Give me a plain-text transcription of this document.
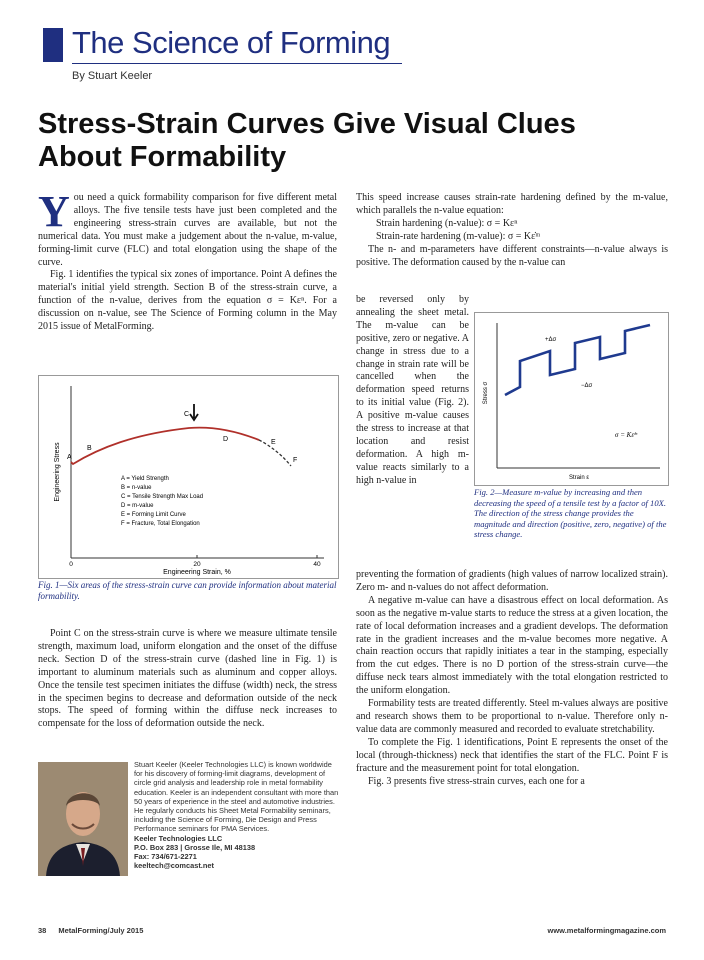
The Science of Forming
By Stuart Keeler
Stress-Strain Curves Give Visual Clues About Formability

You need a quick formability comparison for five different metal alloys. The five tensile tests have just been completed and the engineering stress-strain curves are available, but not the numerical data. You must make a judgement about the n-value, m-value, forming-limit curve (FLC) and total elongation using the shape of the curve.

Fig. 1 identifies the typical six zones of importance. Point A defines the material's initial yield strength. Section B of the stress-strain curve, a function of the n-value, derives from the equation σ = Kεⁿ. For a discussion on n-value, see The Science of Forming column in the May 2015 issue of MetalForming.

Engineering Stress
Engineering Strain, %
0	20	40
A
B
C
D	E
F
A = Yield Strength
B = n-value
C = Tensile Strength Max Load
D = m-value
E = Forming Limit Curve
F = Fracture, Total Elongation
Fig. 1—Six areas of the stress-strain curve can provide information about material formability.

Point C on the stress-strain curve is where we measure ultimate tensile strength, maximum load, uniform elongation and the onset of the diffuse neck. Section D of the stress-strain curve (dashed line in Fig. 1) is important to aluminum materials such as aluminum and copper alloys. Once the tensile test specimen initiates the diffuse (width) neck, the stress in the specimen begins to decrease and deformation outside of the neck stops. The speed of forming within the diffuse neck increases to compensate for the loss of deformation outside the neck.

Stuart Keeler (Keeler Technologies LLC) is known worldwide for his discovery of forming-limit diagrams, development of circle grid analysis and leadership role in metal formability education. Keeler is an independent consultant with more than 50 years of experience in the steel and automotive industries. He regularly conducts his Sheet Metal Formability seminars, including the Science of Forming, Die Design and Press Performance seminars for PMA Services.
Keeler Technologies LLC
P.O. Box 283 | Grosse Ile, MI 48138
Fax: 734/671-2271
keeltech@comcast.net

This speed increase causes strain-rate hardening defined by the m-value, which parallels the n-value equation:

Strain hardening (n-value): σ = Kεⁿ

Strain-rate hardening (m-value): σ = Kε̇ᵐ

The n- and m-parameters have different constraints—n-value always is positive. The deformation caused by the n-value can

be reversed only by annealing the sheet metal. The m-value can be positive, zero or negative. A change in stress due to a change in strain rate will be cancelled when the deformation speed returns to its initial value (Fig. 2). A positive m-value causes the stress to increase at that location and resist deformation. A high m-value reacts similarly to a high n-value in

Stress σ
Strain ε
+Δσ
−Δσ
σ = Kε̇ᵐ
Fig. 2—Measure m-value by increasing and then decreasing the speed of a tensile test by a factor of 10X. The direction of the stress change provides the magnitude and direction (positive, zero, negative) of the stress change.

preventing the formation of gradients (high values of narrow localized strain). Zero m- and n-values do not affect deformation.

A negative m-value can have a disastrous effect on local deformation. As soon as the negative m-value starts to reduce the stress at a given location, the rate of local deformation increases and a gradient develops. The deformation rate in the gradient increases and the m-value becomes more negative. A chain reaction occurs that rapidly initiates a tear in the stamping, especially from the cut edges. There is no D portion of the stress-strain curve—the diffuse neck tears almost immediately with the total elongation restricted to the uniform elongation.

Formability tests are treated differently. Steel m-values always are positive and research shows them to be proportional to n-value. Therefore only n-value data are commonly measured and recorded to evaluate stretchability.

To complete the Fig. 1 identifications, Point E represents the onset of the local (through-thickness) neck that identifies the start of the FLC. Point F is fracture and the measurement point for total elongation.

Fig. 3 presents five stress-strain curves, each one for a

38 MetalForming/July 2015	www.metalformingmagazine.com
